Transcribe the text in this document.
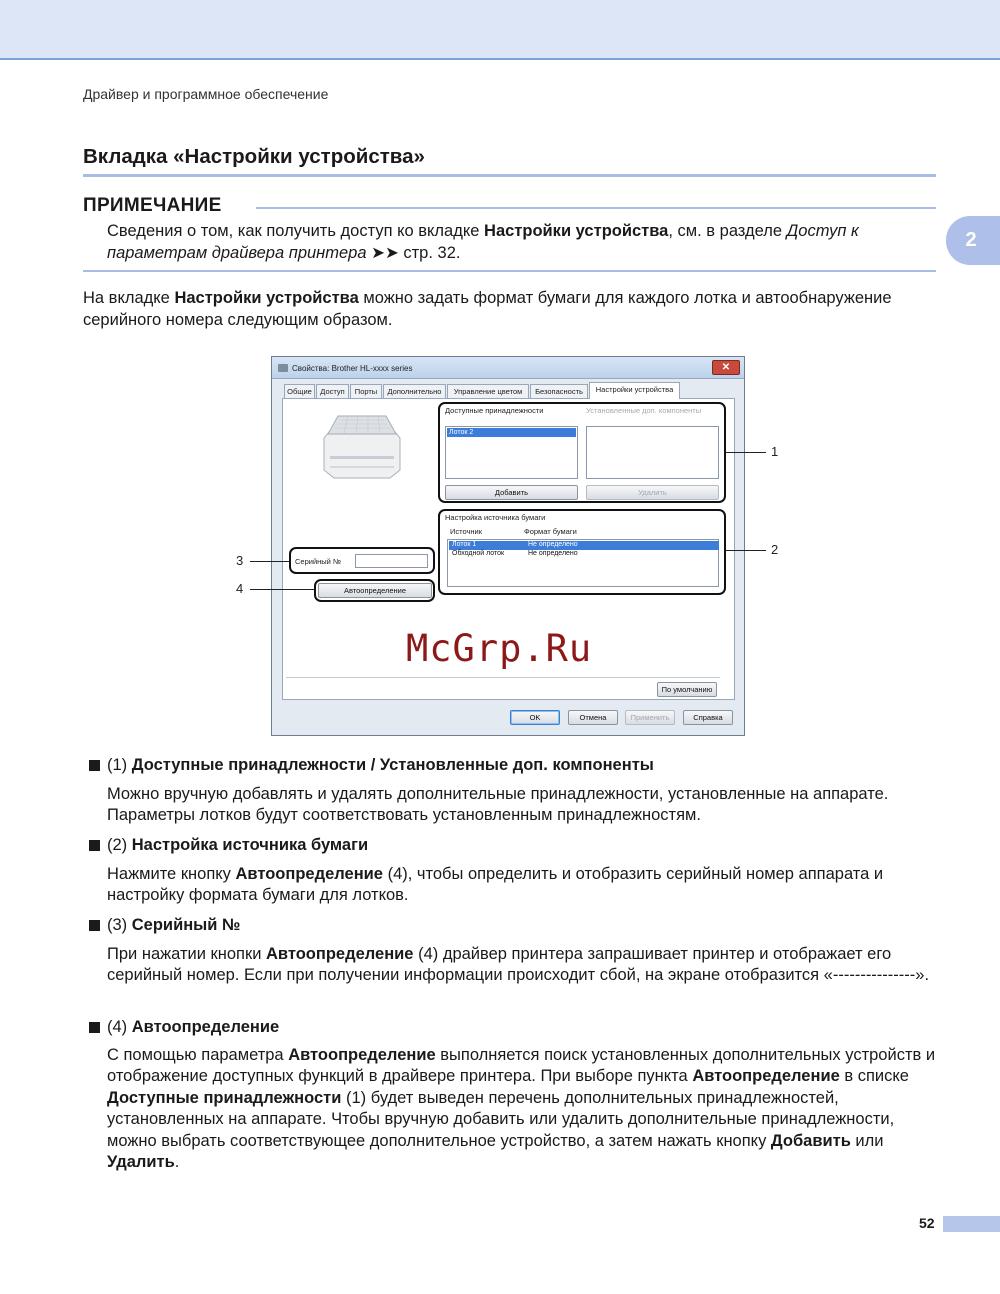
Драйвер и программное обеспечение
2
Вкладка «Настройки устройства»
ПРИМЕЧАНИЕ
Сведения о том, как получить доступ ко вкладке Настройки устройства, см. в разделе Доступ к параметрам драйвера принтера ➤➤ стр. 32.
На вкладке Настройки устройства можно задать формат бумаги для каждого лотка и автообнаружение серийного номера следующим образом.
Свойства: Brother HL-xxxx series	✕
Общие	Доступ	Порты	Дополнительно	Управление цветом	Безопасность	Настройки устройства
Доступные принадлежности	Установленные доп. компоненты
Лоток 2
Добавить	Удалить
Настройка источника бумаги
Источник	Формат бумаги
Лоток 1	Не определено
Обходной лоток	Не определено
Серийный №
Автоопределение
По умолчанию
OK	Отмена	Применить	Справка
1
2
3
4
McGrp.Ru
(1) Доступные принадлежности / Установленные доп. компоненты
Можно вручную добавлять и удалять дополнительные принадлежности, установленные на аппарате. Параметры лотков будут соответствовать установленным принадлежностям.
(2) Настройка источника бумаги
Нажмите кнопку Автоопределение (4), чтобы определить и отобразить серийный номер аппарата и настройку формата бумаги для лотков.
(3) Серийный №
При нажатии кнопки Автоопределение (4) драйвер принтера запрашивает принтер и отображает его серийный номер. Если при получении информации происходит сбой, на экране отобразится «---------------».
(4) Автоопределение
С помощью параметра Автоопределение выполняется поиск установленных дополнительных устройств и отображение доступных функций в драйвере принтера. При выборе пункта Автоопределение в списке Доступные принадлежности (1) будет выведен перечень дополнительных принадлежностей, установленных на аппарате. Чтобы вручную добавить или удалить дополнительные принадлежности, можно выбрать соответствующее дополнительное устройство, а затем нажать кнопку Добавить или Удалить.
52
